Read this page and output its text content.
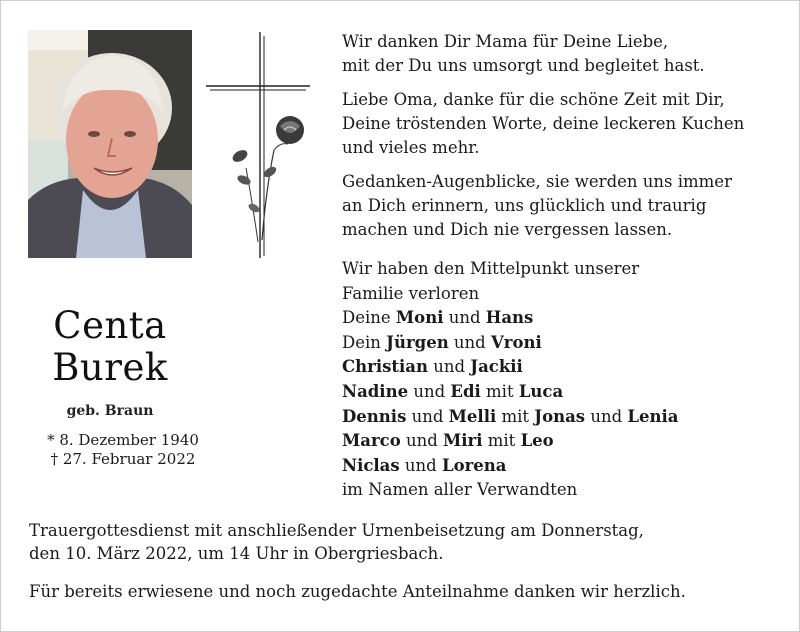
Centa
Burek
geb. Braun
* 8. Dezember 1940
† 27. Februar 2022
Wir danken Dir Mama für Deine Liebe,
mit der Du uns umsorgt und begleitet hast.
Liebe Oma, danke für die schöne Zeit mit Dir,
Deine tröstenden Worte, deine leckeren Kuchen
und vieles mehr.
Gedanken-Augenblicke, sie werden uns immer
an Dich erinnern, uns glücklich und traurig
machen und Dich nie vergessen lassen.
Wir haben den Mittelpunkt unserer
Familie verloren
Deine Moni und Hans
Dein Jürgen und Vroni
Christian und Jackii
Nadine und Edi mit Luca
Dennis und Melli mit Jonas und Lenia
Marco und Miri mit Leo
Niclas und Lorena
im Namen aller Verwandten
Trauergottesdienst mit anschließender Urnenbeisetzung am Donnerstag,
den 10. März 2022, um 14 Uhr in Obergriesbach.
Für bereits erwiesene und noch zugedachte Anteilnahme danken wir herzlich.
